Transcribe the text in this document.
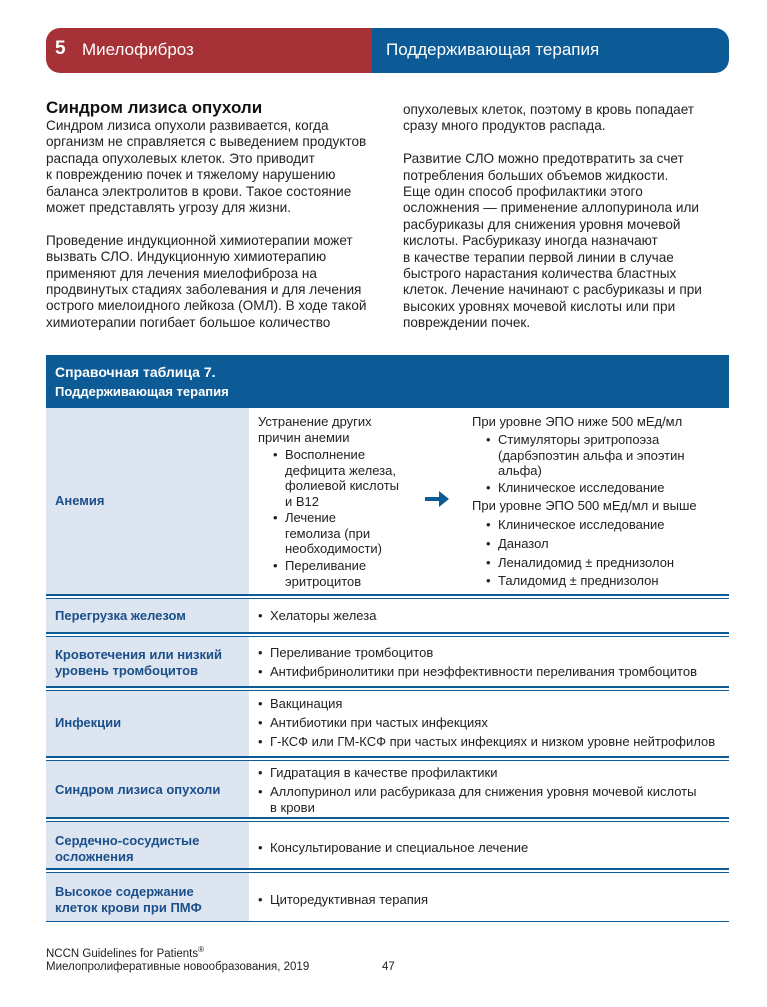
5 Миелофиброз	Поддерживающая терапия
Синдром лизиса опухоли
Синдром лизиса опухоли развивается, когда
организм не справляется с выведением продуктов
распада опухолевых клеток. Это приводит
к повреждению почек и тяжелому нарушению
баланса электролитов в крови. Такое состояние
может представлять угрозу для жизни.

Проведение индукционной химиотерапии может
вызвать СЛО. Индукционную химиотерапию
применяют для лечения миелофиброза на
продвинутых стадиях заболевания и для лечения
острого миелоидного лейкоза (ОМЛ). В ходе такой
химиотерапии погибает большое количество
опухолевых клеток, поэтому в кровь попадает
сразу много продуктов распада.

Развитие СЛО можно предотвратить за счет
потребления больших объемов жидкости.
Еще один способ профилактики этого
осложнения — применение аллопуринола или
расбуриказы для снижения уровня мочевой
кислоты. Расбуриказу иногда назначают
в качестве терапии первой линии в случае
быстрого нарастания количества бластных
клеток. Лечение начинают с расбуриказы и при
высоких уровнях мочевой кислоты или при
повреждении почек.
Справочная таблица 7.
Поддерживающая терапия
Анемия
Устранение других
причин анемии
• Восполнение
дефицита железа,
фолиевой кислоты
и B12
• Лечение
гемолиза (при
необходимости)
• Переливание
эритроцитов
При уровне ЭПО ниже 500 мЕд/мл
• Стимуляторы эритропоэза
(дарбэпоэтин альфа и эпоэтин
альфа)
• Клиническое исследование
При уровне ЭПО 500 мЕд/мл и выше
• Клиническое исследование
• Даназол
• Леналидомид ± преднизолон
• Талидомид ± преднизолон
Перегрузка железом
•	Хелаторы железа
Кровотечения или низкий
уровень тромбоцитов
• Переливание тромбоцитов
• Антифибринолитики при неэффективности переливания тромбоцитов
Инфекции
• Вакцинация
• Антибиотики при частых инфекциях
• Г-КСФ или ГМ-КСФ при частых инфекциях и низком уровне нейтрофилов
Синдром лизиса опухоли
• Гидратация в качестве профилактики
• Аллопуринол или расбуриказа для снижения уровня мочевой кислоты
в крови
Сердечно-сосудистые
осложнения
• Консультирование и специальное лечение
Высокое содержание
клеток крови при ПМФ
• Циторедуктивная терапия
NCCN Guidelines for Patients®
Миелопролиферативные новообразования, 2019	47
